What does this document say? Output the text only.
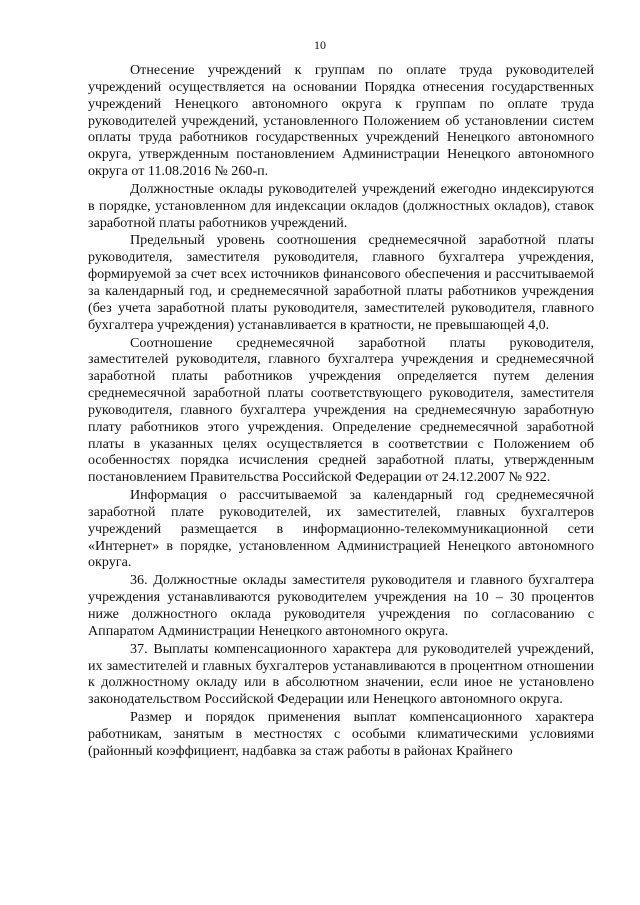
10

Отнесение учреждений к группам по оплате труда руководителей учреждений осуществляется на основании Порядка отнесения государственных учреждений Ненецкого автономного округа к группам по оплате труда руководителей учреждений, установленного Положением об установлении систем оплаты труда работников государственных учреждений Ненецкого автономного округа, утвержденным постановлением Администрации Ненецкого автономного округа от 11.08.2016 № 260-п.

Должностные оклады руководителей учреждений ежегодно индексируются в порядке, установленном для индексации окладов (должностных окладов), ставок заработной платы работников учреждений.

Предельный уровень соотношения среднемесячной заработной платы руководителя, заместителя руководителя, главного бухгалтера учреждения, формируемой за счет всех источников финансового обеспечения и рассчитываемой за календарный год, и среднемесячной заработной платы работников учреждения (без учета заработной платы руководителя, заместителей руководителя, главного бухгалтера учреждения) устанавливается в кратности, не превышающей 4,0.

Соотношение среднемесячной заработной платы руководителя, заместителей руководителя, главного бухгалтера учреждения и среднемесячной заработной платы работников учреждения определяется путем деления среднемесячной заработной платы соответствующего руководителя, заместителя руководителя, главного бухгалтера учреждения на среднемесячную заработную плату работников этого учреждения. Определение среднемесячной заработной платы в указанных целях осуществляется в соответствии с Положением об особенностях порядка исчисления средней заработной платы, утвержденным постановлением Правительства Российской Федерации от 24.12.2007 № 922.

Информация о рассчитываемой за календарный год среднемесячной заработной плате руководителей, их заместителей, главных бухгалтеров учреждений размещается в информационно-телекоммуникационной сети «Интернет» в порядке, установленном Администрацией Ненецкого автономного округа.

36. Должностные оклады заместителя руководителя и главного бухгалтера учреждения устанавливаются руководителем учреждения на 10 – 30 процентов ниже должностного оклада руководителя учреждения по согласованию с Аппаратом Администрации Ненецкого автономного округа.

37. Выплаты компенсационного характера для руководителей учреждений, их заместителей и главных бухгалтеров устанавливаются в процентном отношении к должностному окладу или в абсолютном значении, если иное не установлено законодательством Российской Федерации или Ненецкого автономного округа.

Размер и порядок применения выплат компенсационного характера работникам, занятым в местностях с особыми климатическими условиями (районный коэффициент, надбавка за стаж работы в районах Крайнего
